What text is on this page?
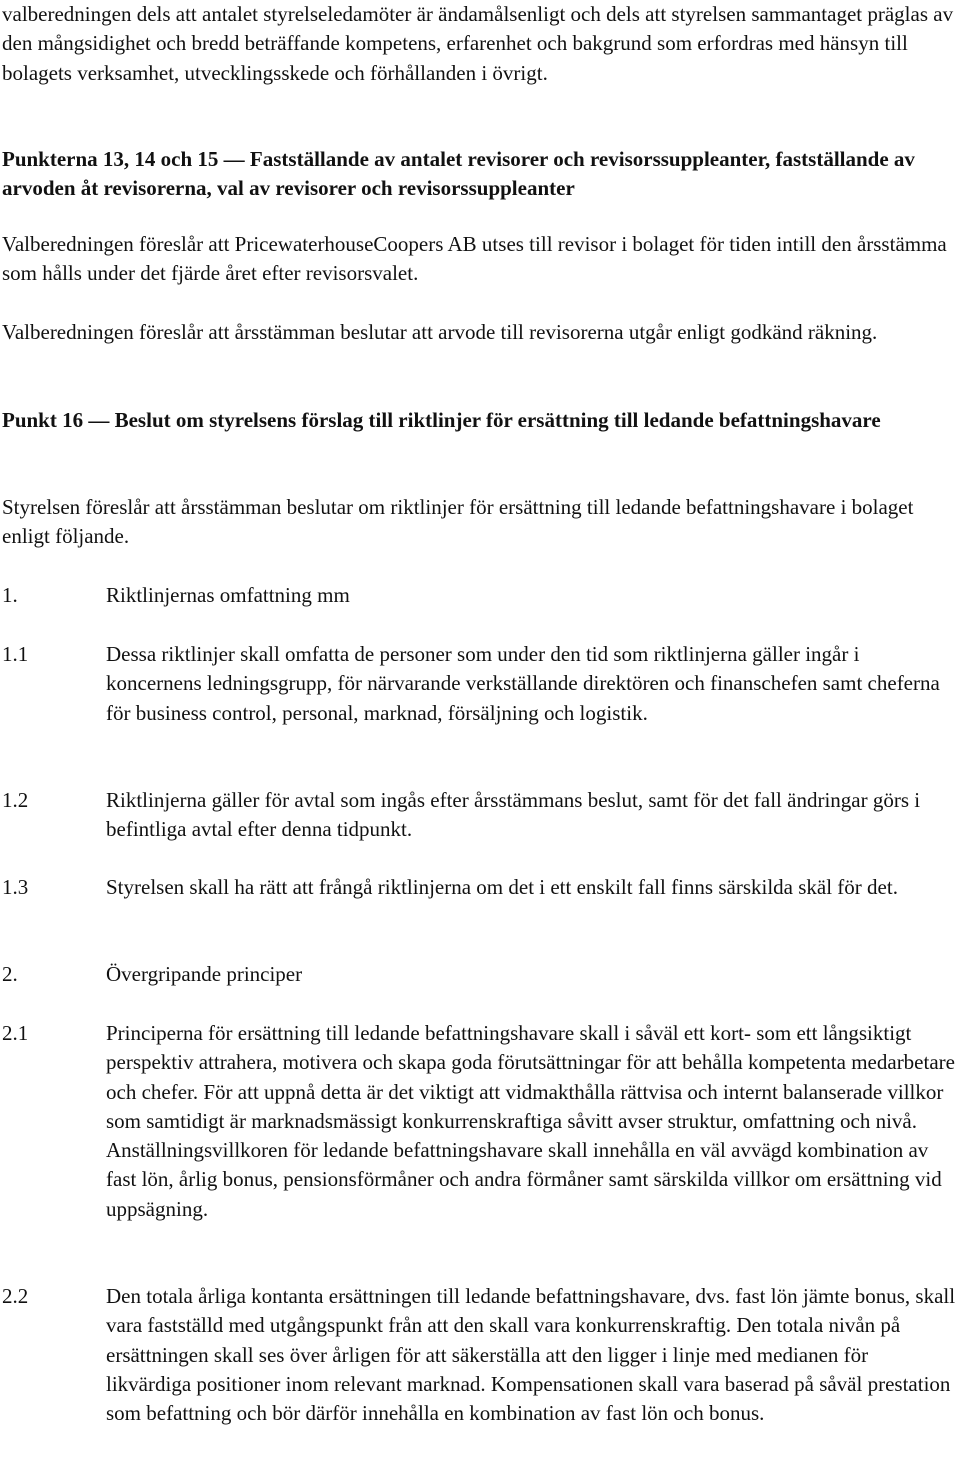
valberedningen dels att antalet styrelseledamöter är ändamålsenligt och dels att styrelsen sammantaget präglas av den mångsidighet och bredd beträffande kompetens, erfarenhet och bakgrund som erfordras med hänsyn till bolagets verksamhet, utvecklingsskede och förhållanden i övrigt.

Punkterna 13, 14 och 15 — Fastställande av antalet revisorer och revisorssuppleanter, fastställande av arvoden åt revisorerna, val av revisorer och revisorssuppleanter

Valberedningen föreslår att PricewaterhouseCoopers AB utses till revisor i bolaget för tiden intill den årsstämma som hålls under det fjärde året efter revisorsvalet.

Valberedningen föreslår att årsstämman beslutar att arvode till revisorerna utgår enligt godkänd räkning.

Punkt 16 — Beslut om styrelsens förslag till riktlinjer för ersättning till ledande befattningshavare

Styrelsen föreslår att årsstämman beslutar om riktlinjer för ersättning till ledande befattningshavare i bolaget enligt följande.

1.	Riktlinjernas omfattning mm
1.1	Dessa riktlinjer skall omfatta de personer som under den tid som riktlinjerna gäller ingår i koncernens ledningsgrupp, för närvarande verkställande direktören och finanschefen samt cheferna för business control, personal, marknad, försäljning och logistik.
1.2	Riktlinjerna gäller för avtal som ingås efter årsstämmans beslut, samt för det fall ändringar görs i befintliga avtal efter denna tidpunkt.
1.3	Styrelsen skall ha rätt att frångå riktlinjerna om det i ett enskilt fall finns särskilda skäl för det.
2.	Övergripande principer
2.1	Principerna för ersättning till ledande befattningshavare skall i såväl ett kort- som ett långsiktigt perspektiv attrahera, motivera och skapa goda förutsättningar för att behålla kompetenta medarbetare och chefer. För att uppnå detta är det viktigt att vidmakthålla rättvisa och internt balanserade villkor som samtidigt är marknadsmässigt konkurrenskraftiga såvitt avser struktur, omfattning och nivå. Anställningsvillkoren för ledande befattningshavare skall innehålla en väl avvägd kombination av fast lön, årlig bonus, pensionsförmåner och andra förmåner samt särskilda villkor om ersättning vid uppsägning.
2.2	Den totala årliga kontanta ersättningen till ledande befattningshavare, dvs. fast lön jämte bonus, skall vara fastställd med utgångspunkt från att den skall vara konkurrenskraftig. Den totala nivån på ersättningen skall ses över årligen för att säkerställa att den ligger i linje med medianen för likvärdiga positioner inom relevant marknad. Kompensationen skall vara baserad på såväl prestation som befattning och bör därför innehålla en kombination av fast lön och bonus.
